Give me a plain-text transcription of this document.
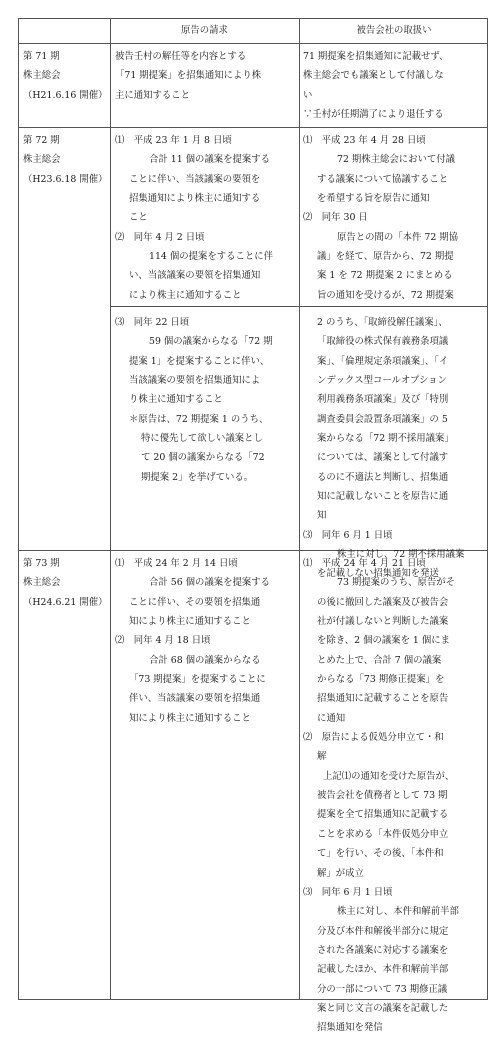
原告の請求	被告会社の取扱い
第 71 期
株主総会
（H21.6.16 開催）
被告壬村の解任等を内容とする
「71 期提案」を招集通知により株
主に通知すること
71 期提案を招集通知に記載せず、
株主総会でも議案として付議しな
い
∵壬村が任期満了により退任する
第 72 期
株主総会
（H23.6.18 開催）
⑴　平成 23 年 1 月 8 日頃
合計 11 個の議案を提案する
ことに伴い、当該議案の要領を
招集通知により株主に通知する
こと
⑵　同年 4 月 2 日頃
114 個の提案をすることに伴
い、当該議案の要領を招集通知
により株主に通知すること
⑶　同年 22 日頃
59 個の議案からなる「72 期
提案 1」を提案することに伴い、
当該議案の要領を招集通知によ
り株主に通知すること
＊原告は、72 期提案 1 のうち、
特に優先して欲しい議案とし
て 20 個の議案からなる「72
期提案 2」を挙げている。
⑴　平成 23 年 4 月 28 日頃
72 期株主総会において付議
する議案について協議すること
を希望する旨を原告に通知
⑵　同年 30 日
原告との間の「本件 72 期協
議」を経て、原告から、72 期提
案 1 を 72 期提案 2 にまとめる
旨の通知を受けるが、72 期提案
2 のうち、「取締役解任議案」、
「取締役の株式保有義務条項議
案」、「倫理規定条項議案」、「イ
ンデックス型コールオプション
利用義務条項議案」及び「特別
調査委員会設置条項議案」の 5
案からなる「72 期不採用議案」
については、議案として付議す
るのに不適法と判断し、招集通
知に記載しないことを原告に通
知
⑶　同年 6 月 1 日頃
株主に対し、72 期不採用議案
を記載しない招集通知を発送
第 73 期
株主総会
（H24.6.21 開催）
⑴　平成 24 年 2 月 14 日頃
合計 56 個の議案を提案する
ことに伴い、その要領を招集通
知により株主に通知すること
⑵　同年 4 月 18 日頃
合計 68 個の議案からなる
「73 期提案」を提案することに
伴い、当該議案の要領を招集通
知により株主に通知すること
⑴　平成 24 年 4 月 21 日頃
73 期提案のうち、原告がそ
の後に撤回した議案及び被告会
社が付議しないと判断した議案
を除き、2 個の議案を 1 個にま
とめた上で、合計 7 個の議案
からなる「73 期修正提案」を
招集通知に記載することを原告
に通知
⑵　原告による仮処分申立て・和
解
上記⑴の通知を受けた原告が、
被告会社を債務者として 73 期
提案を全て招集通知に記載する
ことを求める「本件仮処分申立
て」を行い、その後、「本件和
解」が成立
⑶　同年 6 月 1 日頃
株主に対し、本件和解前半部
分及び本件和解後半部分に規定
された各議案に対応する議案を
記載したほか、本件和解前半部
分の一部について 73 期修正議
案と同じ文言の議案を記載した
招集通知を発信
